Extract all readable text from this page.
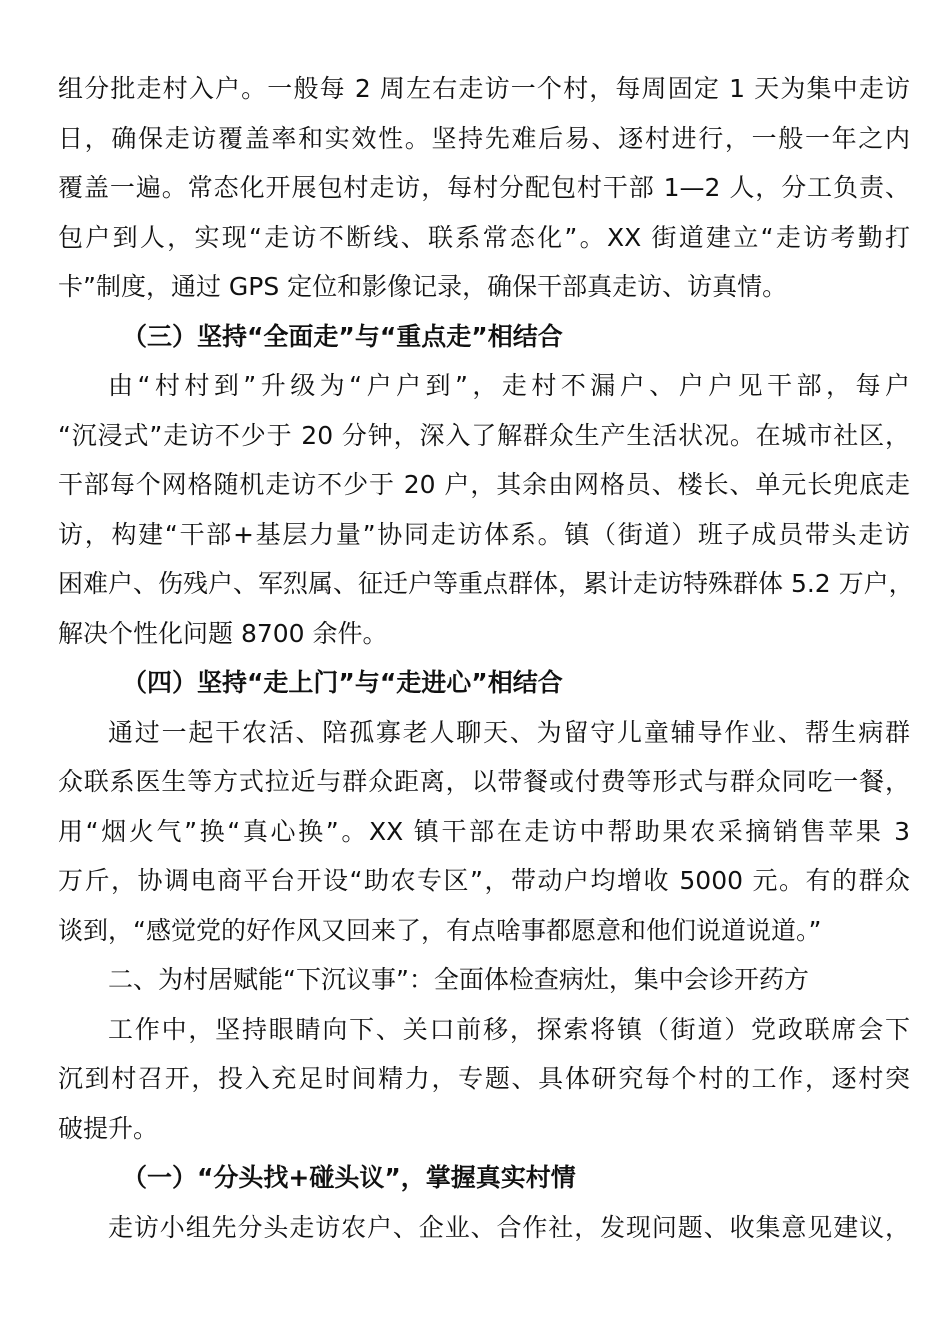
组分批走村入户。一般每 2 周左右走访一个村，每周固定 1 天为集中走访
日，确保走访覆盖率和实效性。坚持先难后易、逐村进行，一般一年之内
覆盖一遍。常态化开展包村走访，每村分配包村干部 1—2 人，分工负责、
包户到人，实现“走访不断线、联系常态化”。XX 街道建立“走访考勤打
卡”制度，通过 GPS 定位和影像记录，确保干部真走访、访真情。
（三）坚持“全面走”与“重点走”相结合
由“村村到”升级为“户户到”，走村不漏户、户户见干部，每户
“沉浸式”走访不少于 20 分钟，深入了解群众生产生活状况。在城市社区，
干部每个网格随机走访不少于 20 户，其余由网格员、楼长、单元长兜底走
访，构建“干部+基层力量”协同走访体系。镇（街道）班子成员带头走访
困难户、伤残户、军烈属、征迁户等重点群体，累计走访特殊群体 5.2 万户，
解决个性化问题 8700 余件。
（四）坚持“走上门”与“走进心”相结合
通过一起干农活、陪孤寡老人聊天、为留守儿童辅导作业、帮生病群
众联系医生等方式拉近与群众距离，以带餐或付费等形式与群众同吃一餐，
用“烟火气”换“真心换”。XX 镇干部在走访中帮助果农采摘销售苹果 3
万斤，协调电商平台开设“助农专区”，带动户均增收 5000 元。有的群众
谈到，“感觉党的好作风又回来了，有点啥事都愿意和他们说道说道。”
二、为村居赋能“下沉议事”：全面体检查病灶，集中会诊开药方
工作中，坚持眼睛向下、关口前移，探索将镇（街道）党政联席会下
沉到村召开，投入充足时间精力，专题、具体研究每个村的工作，逐村突
破提升。
（一）“分头找+碰头议”，掌握真实村情
走访小组先分头走访农户、企业、合作社，发现问题、收集意见建议，
